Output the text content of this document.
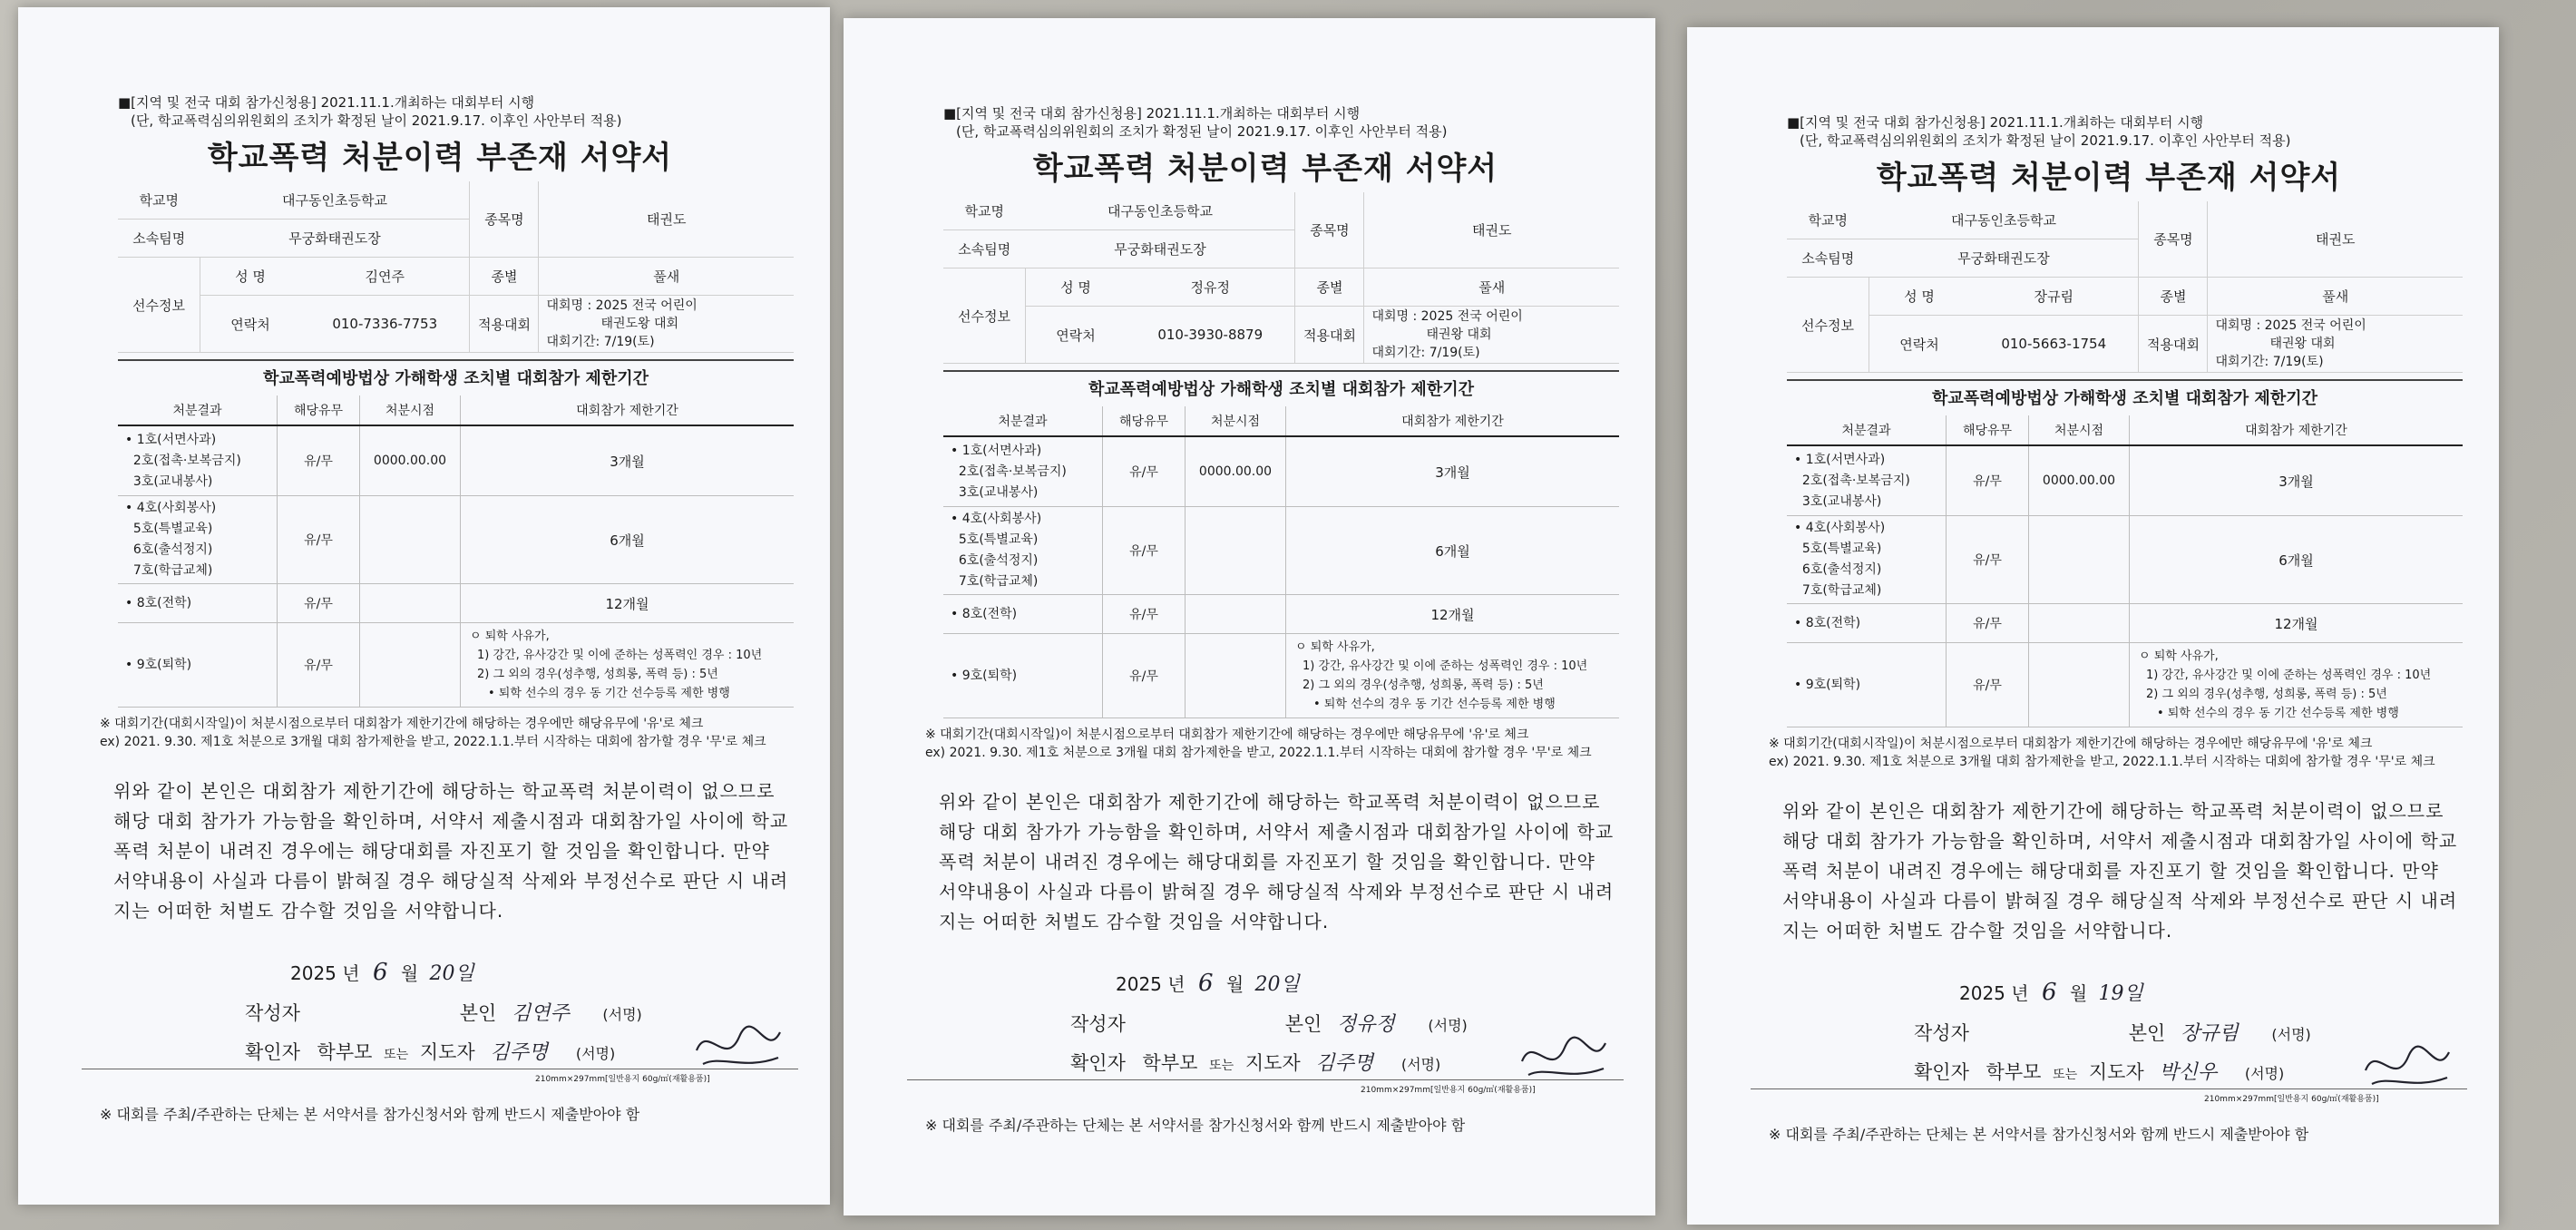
■[지역 및 전국 대회 참가신청용] 2021.11.1.개최하는 대회부터 시행
(단, 학교폭력심의위원회의 조치가 확정된 날이 2021.9.17. 이후인 사안부터 적용)
학교폭력 처분이력 부존재 서약서
학교명	대구동인초등학교		종목명	태권도
소속팀명	무궁화태권도장			
선수정보	성 명	김연주	종별	풀새
	연락처	010-7336-7753	적용대회	대회명 : 2025 전국 어린이
태권도왕 대회
대회기간: 7/19(토)
학교폭력예방법상 가해학생 조치별 대회참가 제한기간
처분결과	해당유무	처분시점	대회참가 제한기간
• 1호(서면사과)
2호(접촉·보복금지)
3호(교내봉사)	유/무	0000.00.00	3개월
• 4호(사회봉사)
5호(특별교육)
6호(출석정지)
7호(학급교체)	유/무		6개월
• 8호(전학)	유/무		12개월
• 9호(퇴학)	유/무		ㅇ 퇴학 사유가,
1) 강간, 유사강간 및 이에 준하는 성폭력인 경우 : 10년
2) 그 외의 경우(성추행, 성희롱, 폭력 등) : 5년
• 퇴학 선수의 경우 동 기간 선수등록 제한 병행
※ 대회기간(대회시작일)이 처분시점으로부터 대회참가 제한기간에 해당하는 경우에만 해당유무에 '유'로 체크
ex) 2021. 9.30. 제1호 처분으로 3개월 대회 참가제한을 받고, 2022.1.1.부터 시작하는 대회에 참가할 경우 '무'로 체크
위와 같이 본인은 대회참가 제한기간에 해당하는 학교폭력 처분이력이 없으므로 해당 대회 참가가 가능함을 확인하며, 서약서 제출시점과 대회참가일 사이에 학교폭력 처분이 내려진 경우에는 해당대회를 자진포기 할 것임을 확인합니다. 만약 서약내용이 사실과 다름이 밝혀질 경우 해당실적 삭제와 부정선수로 판단 시 내려지는 어떠한 처벌도 감수할 것임을 서약합니다.
2025 년 6 월 20일
작성자	본인 김연주 (서명)
확인자 학부모 또는 지도자 김주명 (서명)
210mm×297mm[일반용지 60g/㎡(재활용품)]
※ 대회를 주최/주관하는 단체는 본 서약서를 참가신청서와 함께 반드시 제출받아야 함
■[지역 및 전국 대회 참가신청용] 2021.11.1.개최하는 대회부터 시행
(단, 학교폭력심의위원회의 조치가 확정된 날이 2021.9.17. 이후인 사안부터 적용)
학교폭력 처분이력 부존재 서약서
학교명	대구동인초등학교		종목명	태권도
소속팀명	무궁화태권도장			
선수정보	성 명	정유정	종별	풀새
	연락처	010-3930-8879	적용대회	대회명 : 2025 전국 어린이
태권왕 대회
대회기간: 7/19(토)
학교폭력예방법상 가해학생 조치별 대회참가 제한기간
처분결과	해당유무	처분시점	대회참가 제한기간
• 1호(서면사과)
2호(접촉·보복금지)
3호(교내봉사)	유/무	0000.00.00	3개월
• 4호(사회봉사)
5호(특별교육)
6호(출석정지)
7호(학급교체)	유/무		6개월
• 8호(전학)	유/무		12개월
• 9호(퇴학)	유/무		ㅇ 퇴학 사유가,
1) 강간, 유사강간 및 이에 준하는 성폭력인 경우 : 10년
2) 그 외의 경우(성추행, 성희롱, 폭력 등) : 5년
• 퇴학 선수의 경우 동 기간 선수등록 제한 병행
※ 대회기간(대회시작일)이 처분시점으로부터 대회참가 제한기간에 해당하는 경우에만 해당유무에 '유'로 체크
ex) 2021. 9.30. 제1호 처분으로 3개월 대회 참가제한을 받고, 2022.1.1.부터 시작하는 대회에 참가할 경우 '무'로 체크
위와 같이 본인은 대회참가 제한기간에 해당하는 학교폭력 처분이력이 없으므로 해당 대회 참가가 가능함을 확인하며, 서약서 제출시점과 대회참가일 사이에 학교폭력 처분이 내려진 경우에는 해당대회를 자진포기 할 것임을 확인합니다. 만약 서약내용이 사실과 다름이 밝혀질 경우 해당실적 삭제와 부정선수로 판단 시 내려지는 어떠한 처벌도 감수할 것임을 서약합니다.
2025 년 6 월 20일
작성자	본인 정유정 (서명)
확인자 학부모 또는 지도자 김주명 (서명)
210mm×297mm[일반용지 60g/㎡(재활용품)]
※ 대회를 주최/주관하는 단체는 본 서약서를 참가신청서와 함께 반드시 제출받아야 함
■[지역 및 전국 대회 참가신청용] 2021.11.1.개최하는 대회부터 시행
(단, 학교폭력심의위원회의 조치가 확정된 날이 2021.9.17. 이후인 사안부터 적용)
학교폭력 처분이력 부존재 서약서
학교명	대구동인초등학교		종목명	태권도
소속팀명	무궁화태권도장			
선수정보	성 명	장규림	종별	풀새
	연락처	010-5663-1754	적용대회	대회명 : 2025 전국 어린이
태권왕 대회
대회기간: 7/19(토)
학교폭력예방법상 가해학생 조치별 대회참가 제한기간
처분결과	해당유무	처분시점	대회참가 제한기간
• 1호(서면사과)
2호(접촉·보복금지)
3호(교내봉사)	유/무	0000.00.00	3개월
• 4호(사회봉사)
5호(특별교육)
6호(출석정지)
7호(학급교체)	유/무		6개월
• 8호(전학)	유/무		12개월
• 9호(퇴학)	유/무		ㅇ 퇴학 사유가,
1) 강간, 유사강간 및 이에 준하는 성폭력인 경우 : 10년
2) 그 외의 경우(성추행, 성희롱, 폭력 등) : 5년
• 퇴학 선수의 경우 동 기간 선수등록 제한 병행
※ 대회기간(대회시작일)이 처분시점으로부터 대회참가 제한기간에 해당하는 경우에만 해당유무에 '유'로 체크
ex) 2021. 9.30. 제1호 처분으로 3개월 대회 참가제한을 받고, 2022.1.1.부터 시작하는 대회에 참가할 경우 '무'로 체크
위와 같이 본인은 대회참가 제한기간에 해당하는 학교폭력 처분이력이 없으므로 해당 대회 참가가 가능함을 확인하며, 서약서 제출시점과 대회참가일 사이에 학교폭력 처분이 내려진 경우에는 해당대회를 자진포기 할 것임을 확인합니다. 만약 서약내용이 사실과 다름이 밝혀질 경우 해당실적 삭제와 부정선수로 판단 시 내려지는 어떠한 처벌도 감수할 것임을 서약합니다.
2025 년 6 월 19일
작성자	본인 장규림 (서명)
확인자 학부모 또는 지도자 박신우 (서명)
210mm×297mm[일반용지 60g/㎡(재활용품)]
※ 대회를 주최/주관하는 단체는 본 서약서를 참가신청서와 함께 반드시 제출받아야 함
